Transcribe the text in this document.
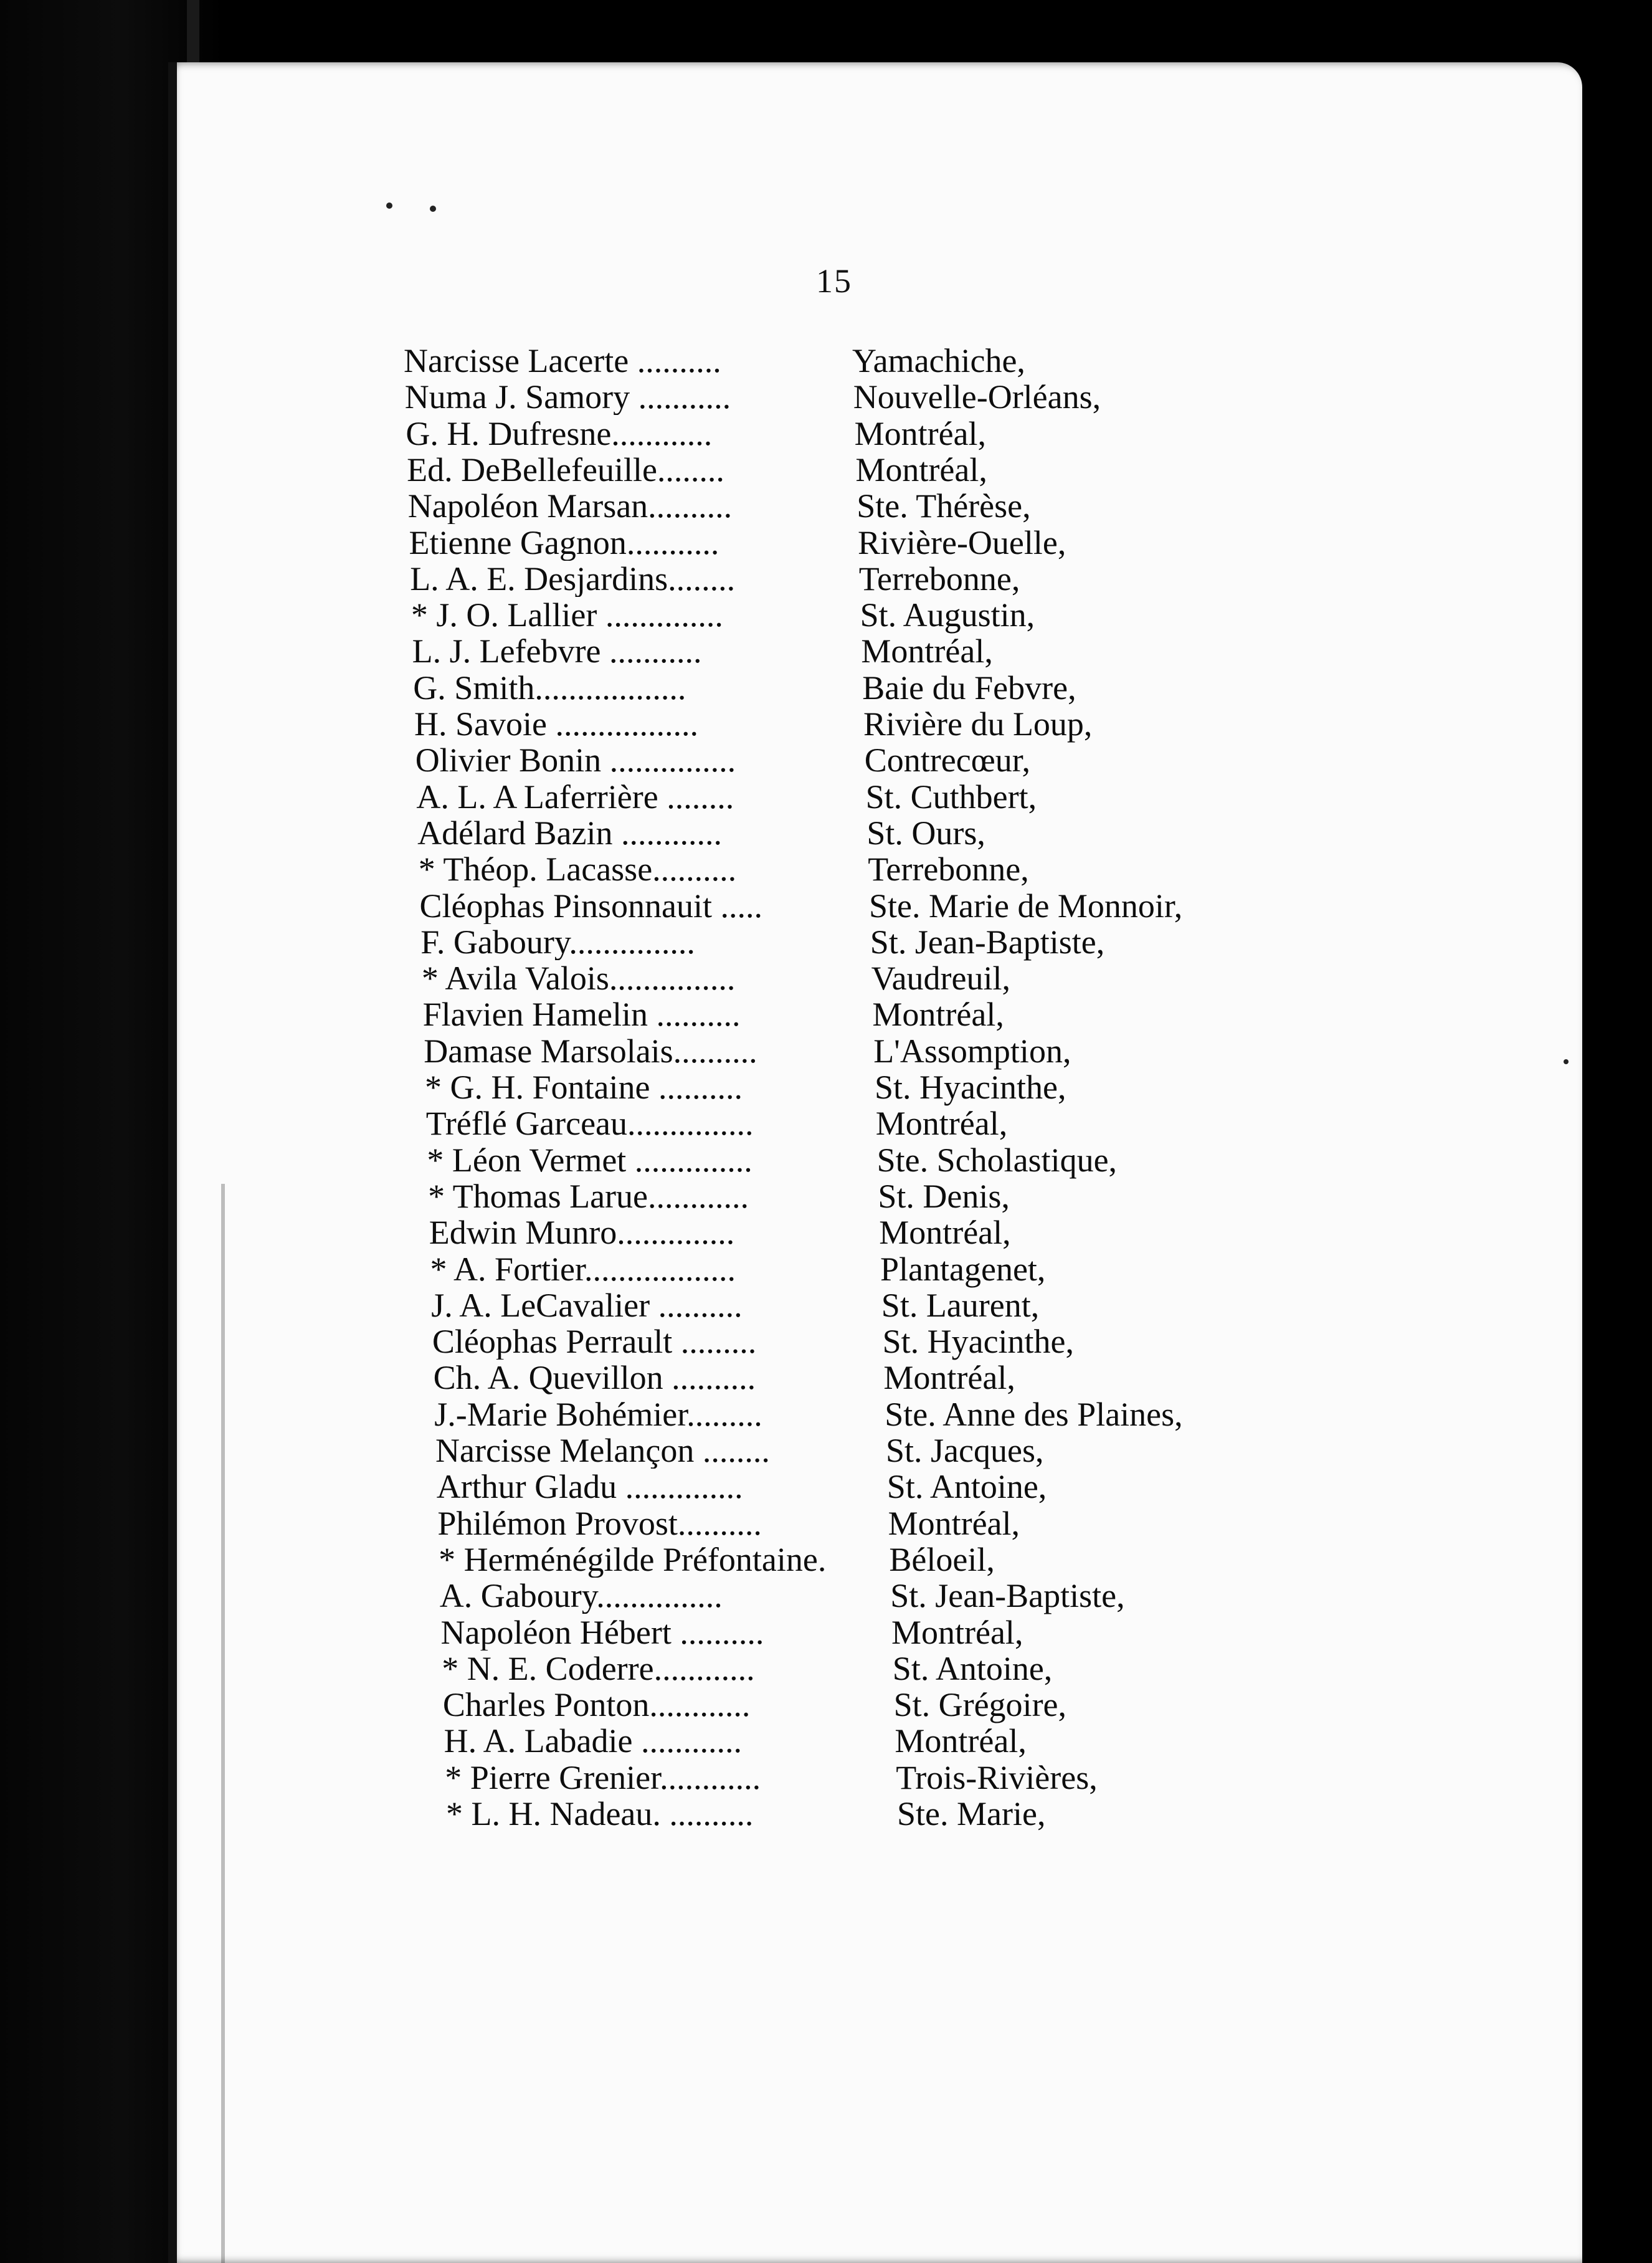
15
Narcisse Lacerte ..........	Yamachiche,
Numa J. Samory ...........	Nouvelle-Orléans,
G. H. Dufresne............	Montréal,
Ed. DeBellefeuille........	Montréal,
Napoléon Marsan..........	Ste. Thérèse,
Etienne Gagnon...........	Rivière-Ouelle,
L. A. E. Desjardins........	Terrebonne,
* J. O. Lallier ..............	St. Augustin,
L. J. Lefebvre ...........	Montréal,
G. Smith..................	Baie du Febvre,
H. Savoie .................	Rivière du Loup,
Olivier Bonin ...............	Contrecœur,
A. L. A Laferrière ........	St. Cuthbert,
Adélard Bazin ............	St. Ours,
* Théop. Lacasse..........	Terrebonne,
Cléophas Pinsonnauit .....	Ste. Marie de Monnoir,
F. Gaboury...............	St. Jean-Baptiste,
* Avila Valois...............	Vaudreuil,
Flavien Hamelin ..........	Montréal,
Damase Marsolais..........	L'Assomption,
* G. H. Fontaine ..........	St. Hyacinthe,
Tréflé Garceau...............	Montréal,
* Léon Vermet ..............	Ste. Scholastique,
* Thomas Larue............	St. Denis,
Edwin Munro..............	Montréal,
* A. Fortier..................	Plantagenet,
J. A. LeCavalier ..........	St. Laurent,
Cléophas Perrault .........	St. Hyacinthe,
Ch. A. Quevillon ..........	Montréal,
J.-Marie Bohémier.........	Ste. Anne des Plaines,
Narcisse Melançon ........	St. Jacques,
Arthur Gladu ..............	St. Antoine,
Philémon Provost..........	Montréal,
* Herménégilde Préfontaine.	Béloeil,
A. Gaboury...............	St. Jean-Baptiste,
Napoléon Hébert ..........	Montréal,
* N. E. Coderre............	St. Antoine,
Charles Ponton............	St. Grégoire,
H. A. Labadie ............	Montréal,
* Pierre Grenier............	Trois-Rivières,
* L. H. Nadeau. ..........	Ste. Marie,
